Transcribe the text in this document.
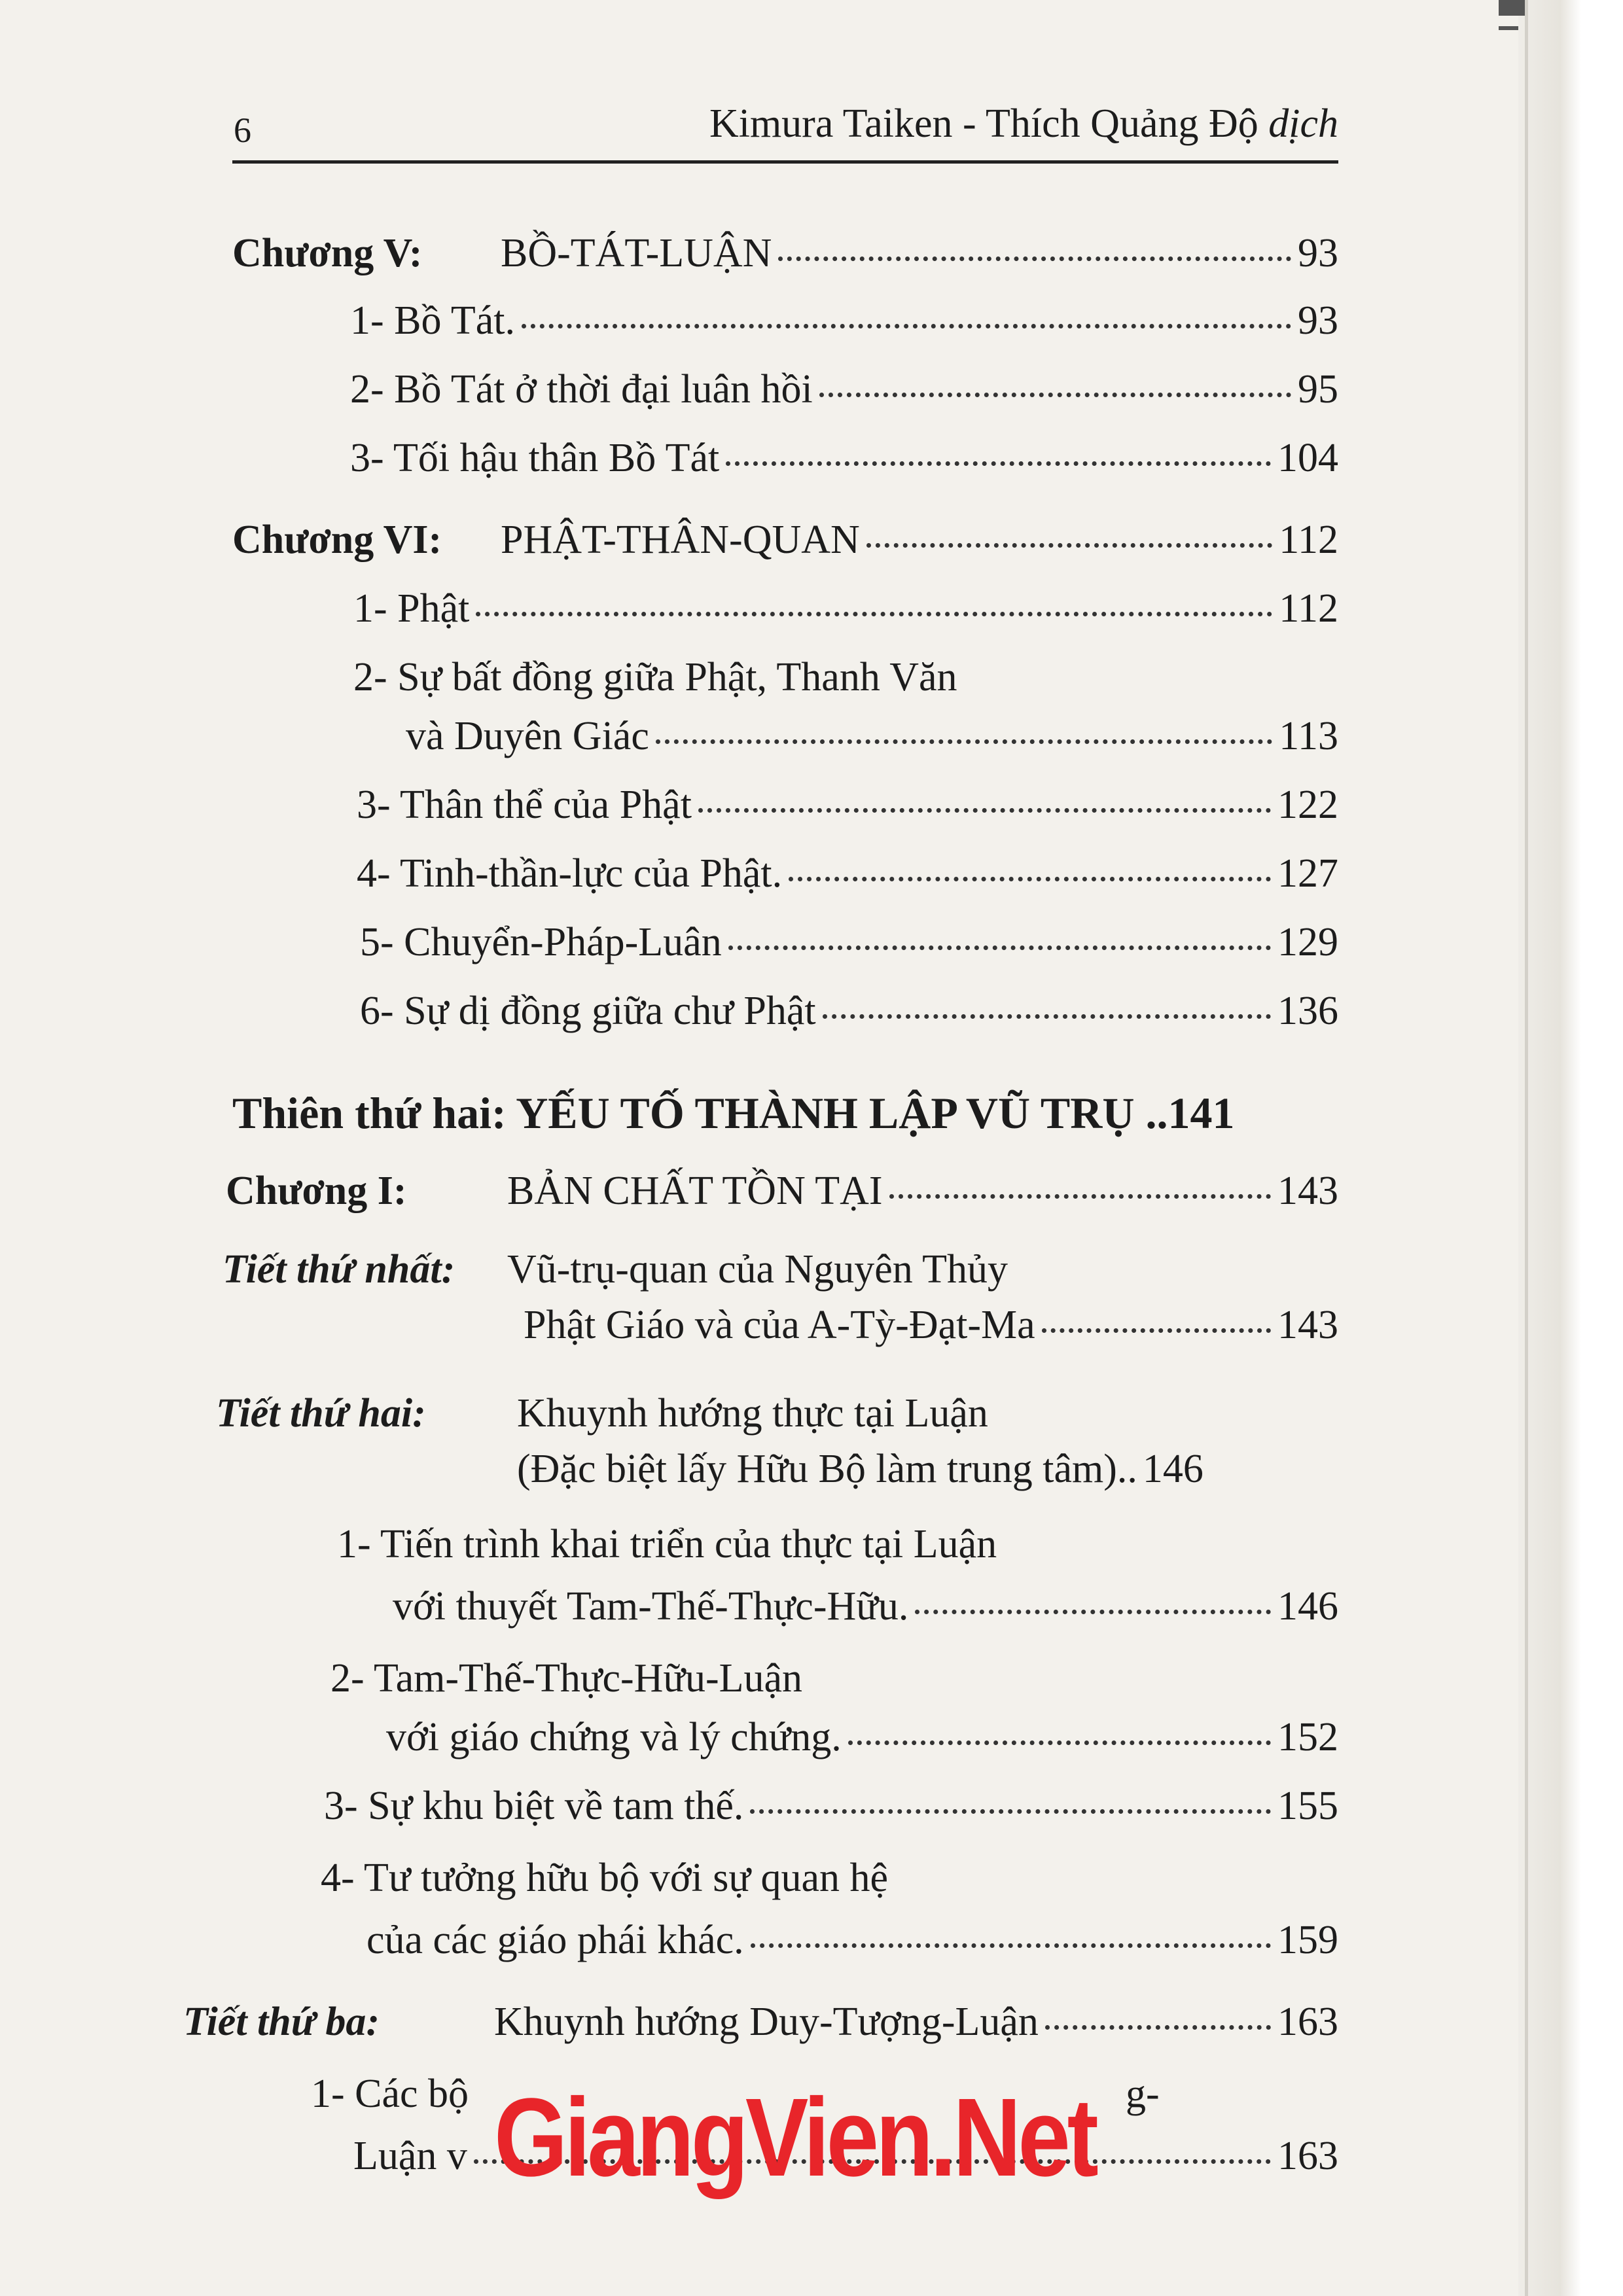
6	Kimura Taiken - Thích Quảng Độ dịch
Chương V:	BỒ-TÁT-LUẬN	93
1- Bồ Tát.	93
2- Bồ Tát ở thời đại luân hồi	95
3- Tối hậu thân Bồ Tát	104
Chương VI:	PHẬT-THÂN-QUAN	112
1- Phật	112
2- Sự bất đồng giữa Phật, Thanh Văn
và Duyên Giác	113
3- Thân thể của Phật	122
4- Tinh-thần-lực của Phật.	127
5- Chuyển-Pháp-Luân	129
6- Sự dị đồng giữa chư Phật	136
Thiên thứ hai: YẾU TỐ THÀNH LẬP VŨ TRỤ ..141
Chương I:	BẢN CHẤT TỒN TẠI	143
Tiết thứ nhất: Vũ-trụ-quan của Nguyên Thủy
Phật Giáo và của A-Tỳ-Đạt-Ma	143
Tiết thứ hai: Khuynh hướng thực tại Luận
(Đặc biệt lấy Hữu Bộ làm trung tâm).. 146
1- Tiến trình khai triển của thực tại Luận
với thuyết Tam-Thế-Thực-Hữu.	146
2- Tam-Thế-Thực-Hữu-Luận
với giáo chứng và lý chứng.	152
3- Sự khu biệt về tam thế.	155
4- Tư tưởng hữu bộ với sự quan hệ
của các giáo phái khác.	159
Tiết thứ ba:	Khuynh hướng Duy-Tượng-Luận	163
1- Các bộ	g-
Luận v	163
GiangVien.Net
